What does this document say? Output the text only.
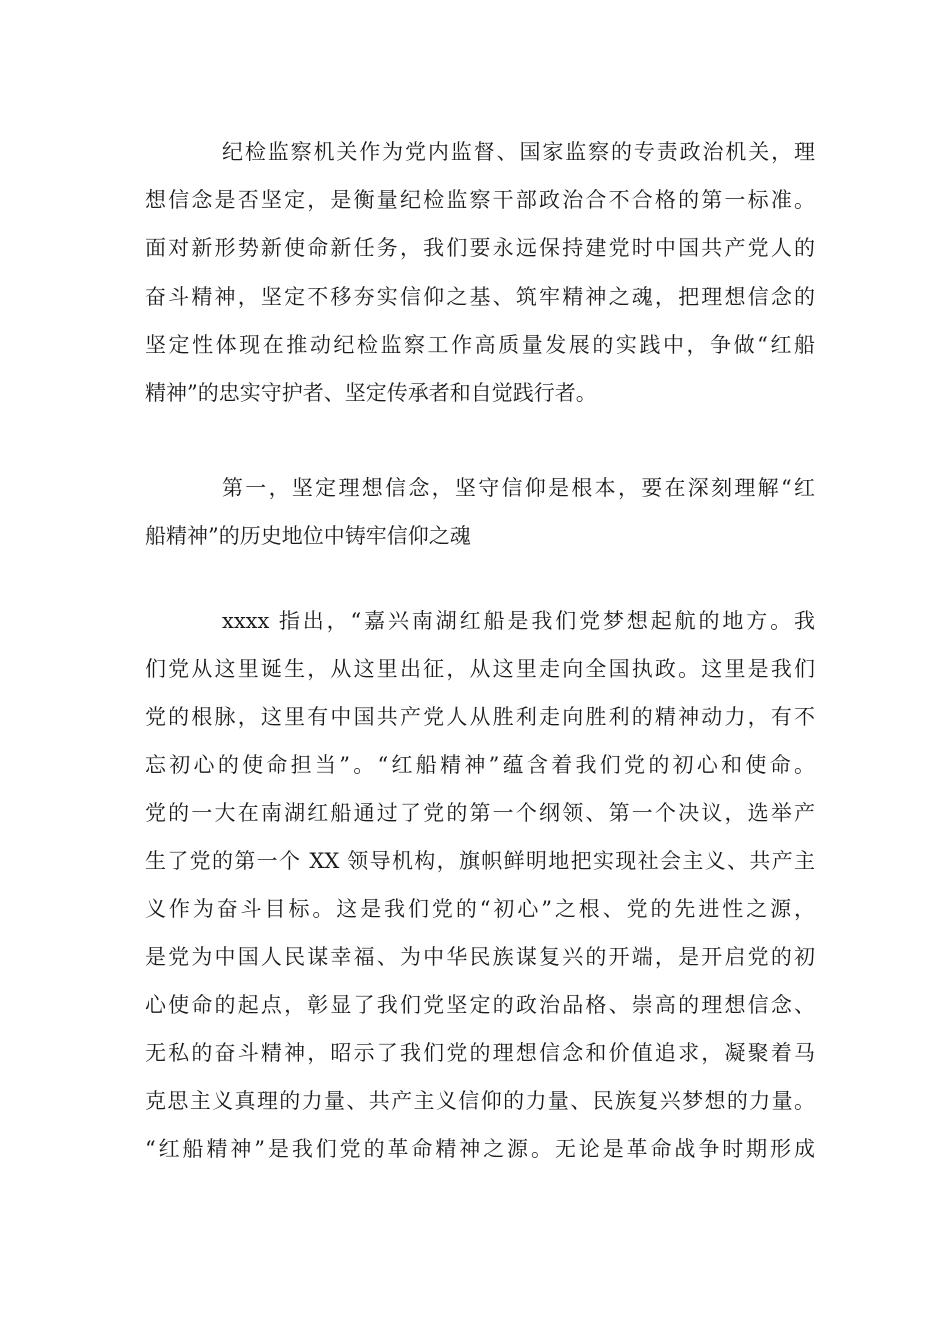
纪检监察机关作为党内监督、国家监察的专责政治机关，理
想信念是否坚定，是衡量纪检监察干部政治合不合格的第一标准。
面对新形势新使命新任务，我们要永远保持建党时中国共产党人的
奋斗精神，坚定不移夯实信仰之基、筑牢精神之魂，把理想信念的
坚定性体现在推动纪检监察工作高质量发展的实践中，争做“红船
精神”的忠实守护者、坚定传承者和自觉践行者。
第一，坚定理想信念，坚守信仰是根本，要在深刻理解“红
船精神”的历史地位中铸牢信仰之魂
xxxx 指出，“嘉兴南湖红船是我们党梦想起航的地方。我
们党从这里诞生，从这里出征，从这里走向全国执政。这里是我们
党的根脉，这里有中国共产党人从胜利走向胜利的精神动力，有不
忘初心的使命担当”。“红船精神”蕴含着我们党的初心和使命。
党的一大在南湖红船通过了党的第一个纲领、第一个决议，选举产
生了党的第一个 XX 领导机构，旗帜鲜明地把实现社会主义、共产主
义作为奋斗目标。这是我们党的“初心”之根、党的先进性之源，
是党为中国人民谋幸福、为中华民族谋复兴的开端，是开启党的初
心使命的起点，彰显了我们党坚定的政治品格、崇高的理想信念、
无私的奋斗精神，昭示了我们党的理想信念和价值追求，凝聚着马
克思主义真理的力量、共产主义信仰的力量、民族复兴梦想的力量。
“红船精神”是我们党的革命精神之源。无论是革命战争时期形成
